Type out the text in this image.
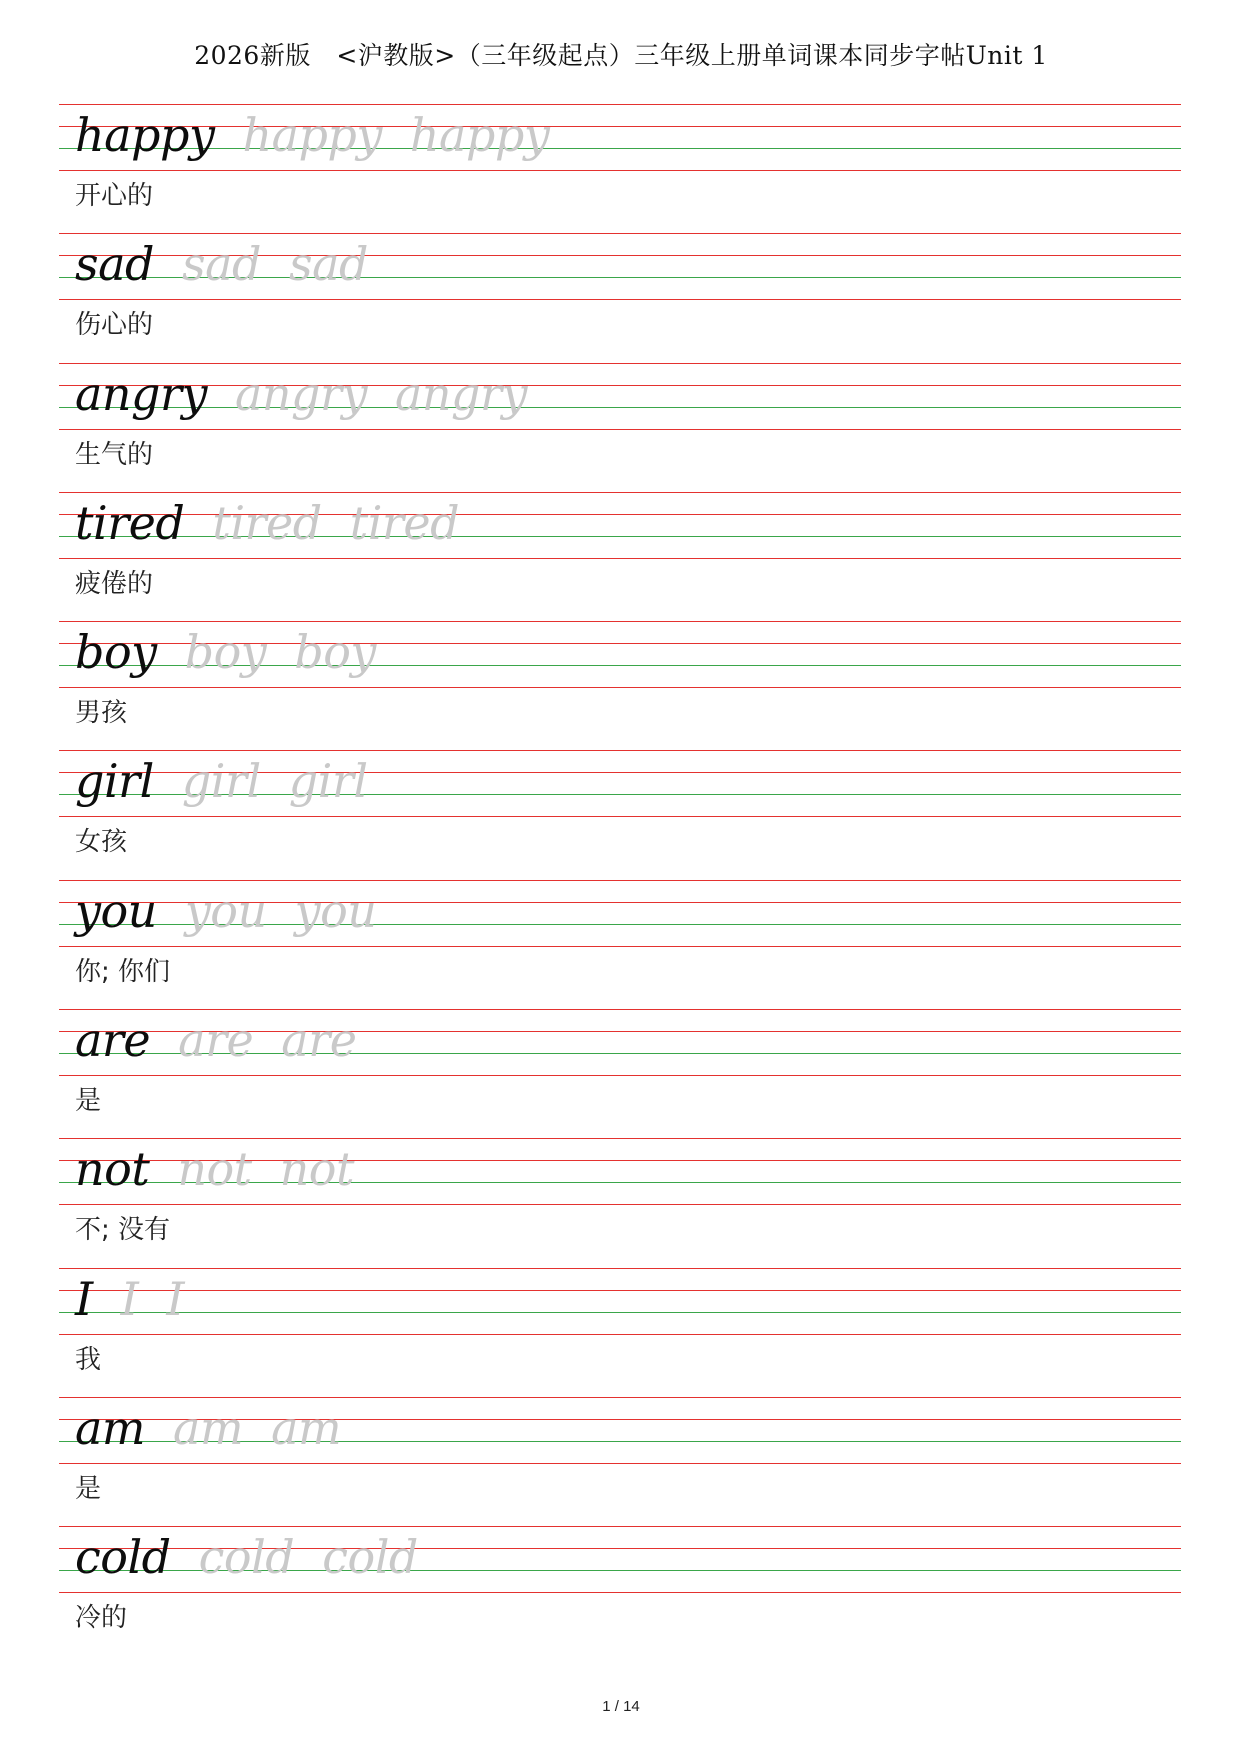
2026新版　<沪教版>（三年级起点）三年级上册单词课本同步字帖Unit 1
happy happy happy
开心的
sad sad sad
伤心的
angry angry angry
生气的
tired tired tired
疲倦的
boy boy boy
男孩
girl girl girl
女孩
you you you
你; 你们
are are are
是
not not not
不; 没有
I I I
我
am am am
是
cold cold cold
冷的
1 / 14
